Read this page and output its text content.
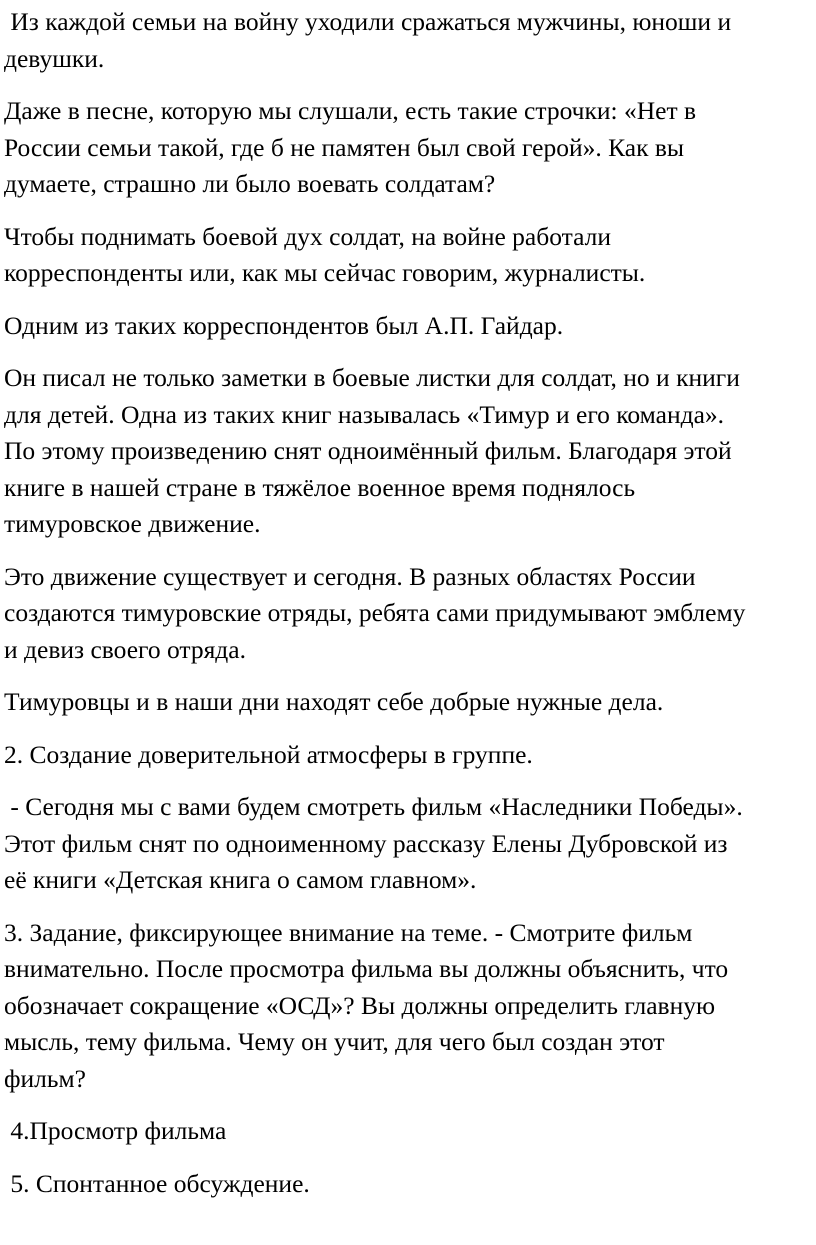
Из каждой семьи на войну уходили сражаться мужчины, юноши и
девушки.

Даже в песне, которую мы слушали, есть такие строчки: «Нет в
России семьи такой, где б не памятен был свой герой». Как вы
думаете, страшно ли было воевать солдатам?

Чтобы поднимать боевой дух солдат, на войне работали
корреспонденты или, как мы сейчас говорим, журналисты.

Одним из таких корреспондентов был А.П. Гайдар.

Он писал не только заметки в боевые листки для солдат, но и книги
для детей. Одна из таких книг называлась «Тимур и его команда».
По этому произведению снят одноимённый фильм. Благодаря этой
книге в нашей стране в тяжёлое военное время поднялось
тимуровское движение.

Это движение существует и сегодня. В разных областях России
создаются тимуровские отряды, ребята сами придумывают эмблему
и девиз своего отряда.

Тимуровцы и в наши дни находят себе добрые нужные дела.

2. Создание доверительной атмосферы в группе.

- Сегодня мы с вами будем смотреть фильм «Наследники Победы».
Этот фильм снят по одноименному рассказу Елены Дубровской из
её книги «Детская книга о самом главном».

3. Задание, фиксирующее внимание на теме. - Смотрите фильм
внимательно. После просмотра фильма вы должны объяснить, что
обозначает сокращение «ОСД»? Вы должны определить главную
мысль, тему фильма. Чему он учит, для чего был создан этот
фильм?

4.Просмотр фильма

5. Спонтанное обсуждение.
